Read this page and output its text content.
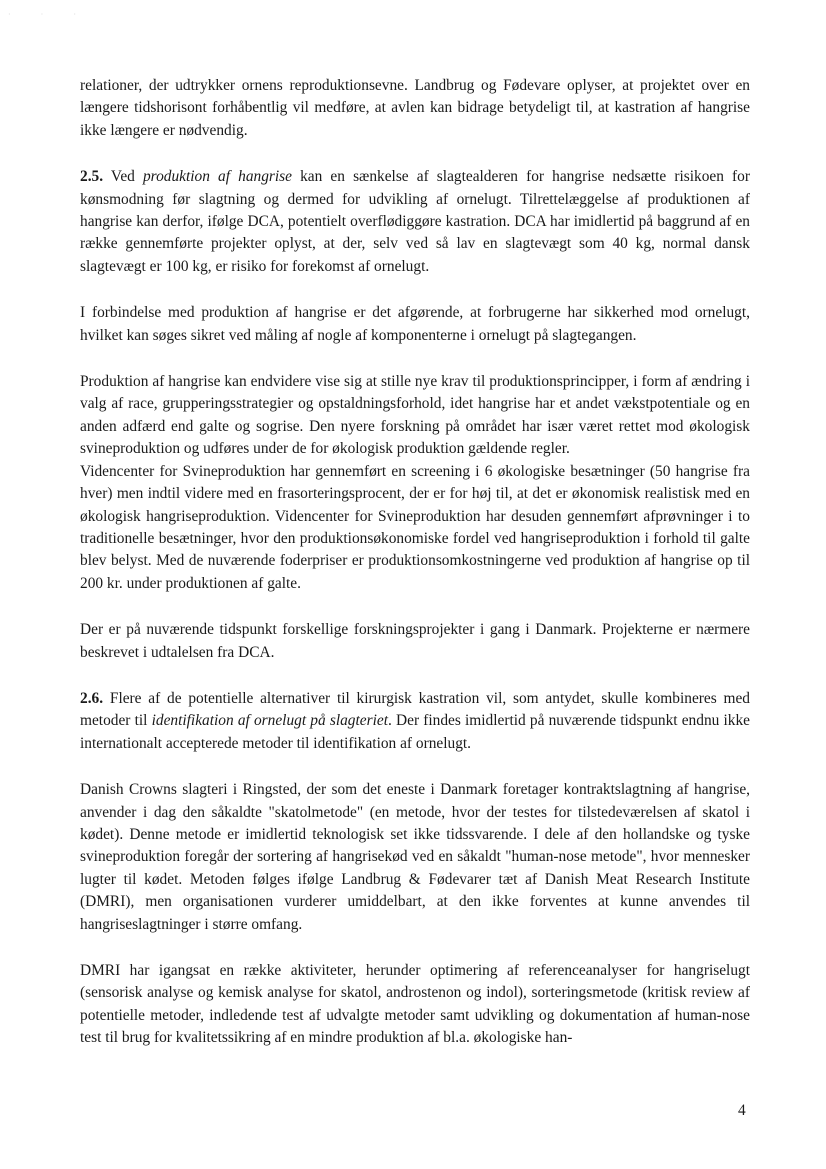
· · ·

relationer, der udtrykker ornens reproduktionsevne. Landbrug og Fødevare oplyser, at projektet over en længere tidshorisont forhåbentlig vil medføre, at avlen kan bidrage betydeligt til, at kastration af hangrise ikke længere er nødvendig.

2.5. Ved produktion af hangrise kan en sænkelse af slagtealderen for hangrise nedsætte risikoen for kønsmodning før slagtning og dermed for udvikling af ornelugt. Tilrettelæggelse af produktionen af hangrise kan derfor, ifølge DCA, potentielt overflødiggøre kastration. DCA har imidlertid på baggrund af en række gennemførte projekter oplyst, at der, selv ved så lav en slagtevægt som 40 kg, normal dansk slagtevægt er 100 kg, er risiko for forekomst af ornelugt.

I forbindelse med produktion af hangrise er det afgørende, at forbrugerne har sikkerhed mod ornelugt, hvilket kan søges sikret ved måling af nogle af komponenterne i ornelugt på slagtegangen.

Produktion af hangrise kan endvidere vise sig at stille nye krav til produktionsprincipper, i form af ændring i valg af race, grupperingsstrategier og opstaldningsforhold, idet hangrise har et andet vækstpotentiale og en anden adfærd end galte og sogrise. Den nyere forskning på området har især været rettet mod økologisk svineproduktion og udføres under de for økologisk produktion gældende regler.

Videncenter for Svineproduktion har gennemført en screening i 6 økologiske besætninger (50 hangrise fra hver) men indtil videre med en frasorteringsprocent, der er for høj til, at det er økonomisk realistisk med en økologisk hangriseproduktion. Videncenter for Svineproduktion har desuden gennemført afprøvninger i to traditionelle besætninger, hvor den produktionsøkonomiske fordel ved hangriseproduktion i forhold til galte blev belyst. Med de nuværende foderpriser er produktionsomkostningerne ved produktion af hangrise op til 200 kr. under produktionen af galte.

Der er på nuværende tidspunkt forskellige forskningsprojekter i gang i Danmark. Projekterne er nærmere beskrevet i udtalelsen fra DCA.

2.6. Flere af de potentielle alternativer til kirurgisk kastration vil, som antydet, skulle kombineres med metoder til identifikation af ornelugt på slagteriet. Der findes imidlertid på nuværende tidspunkt endnu ikke internationalt accepterede metoder til identifikation af ornelugt.

Danish Crowns slagteri i Ringsted, der som det eneste i Danmark foretager kontraktslagtning af hangrise, anvender i dag den såkaldte "skatolmetode" (en metode, hvor der testes for tilstedeværelsen af skatol i kødet). Denne metode er imidlertid teknologisk set ikke tidssvarende. I dele af den hollandske og tyske svineproduktion foregår der sortering af hangrisekød ved en såkaldt "human-nose metode", hvor mennesker lugter til kødet. Metoden følges ifølge Landbrug & Fødevarer tæt af Danish Meat Research Institute (DMRI), men organisationen vurderer umiddelbart, at den ikke forventes at kunne anvendes til hangriseslagtninger i større omfang.

DMRI har igangsat en række aktiviteter, herunder optimering af referenceanalyser for hangriselugt (sensorisk analyse og kemisk analyse for skatol, androstenon og indol), sorteringsmetode (kritisk review af potentielle metoder, indledende test af udvalgte metoder samt udvikling og dokumentation af human-nose test til brug for kvalitetssikring af en mindre produktion af bl.a. økologiske han-

4
